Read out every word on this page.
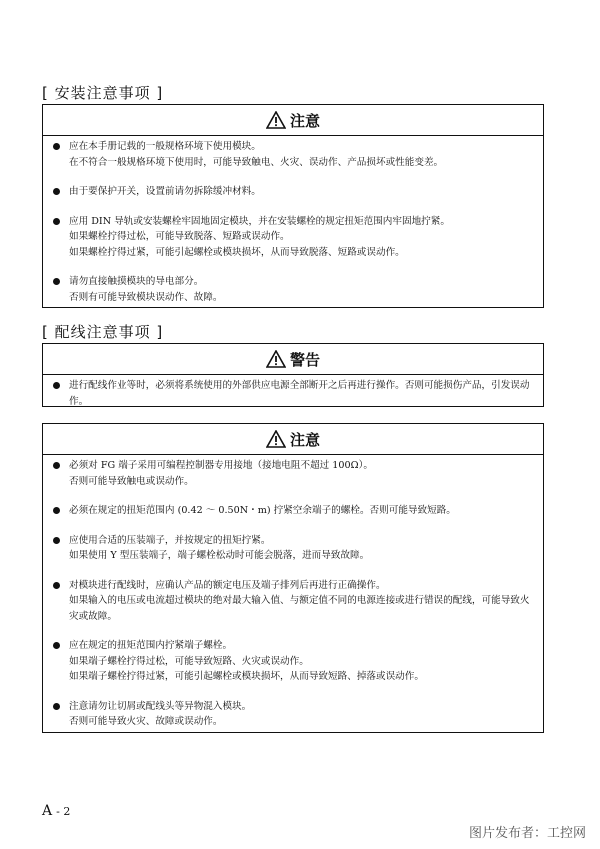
[ 安装注意事项 ]
注意
应在本手册记载的一般规格环境下使用模块。
在不符合一般规格环境下使用时，可能导致触电、火灾、误动作、产品损坏或性能变差。
由于要保护开关，设置前请勿拆除缓冲材料。
应用 DIN 导轨或安装螺栓牢固地固定模块，并在安装螺栓的规定扭矩范围内牢固地拧紧。
如果螺栓拧得过松，可能导致脱落、短路或误动作。
如果螺栓拧得过紧，可能引起螺栓或模块损坏，从而导致脱落、短路或误动作。
请勿直接触摸模块的导电部分。
否则有可能导致模块误动作、故障。
[ 配线注意事项 ]
警告
进行配线作业等时，必须将系统使用的外部供应电源全部断开之后再进行操作。否则可能损伤产品，引发误动作。
注意
必须对 FG 端子采用可编程控制器专用接地（接地电阻不超过 100Ω）。
否则可能导致触电或误动作。
必须在规定的扭矩范围内 (0.42 ～ 0.50N・m) 拧紧空余端子的螺栓。否则可能导致短路。
应使用合适的压装端子，并按规定的扭矩拧紧。
如果使用 Y 型压装端子，端子螺栓松动时可能会脱落，进而导致故障。
对模块进行配线时，应确认产品的额定电压及端子排列后再进行正确操作。
如果输入的电压或电流超过模块的绝对最大输入值、与额定值不同的电源连接或进行错误的配线，可能导致火灾或故障。
应在规定的扭矩范围内拧紧端子螺栓。
如果端子螺栓拧得过松，可能导致短路、火灾或误动作。
如果端子螺栓拧得过紧，可能引起螺栓或模块损坏，从而导致短路、掉落或误动作。
注意请勿让切屑或配线头等异物混入模块。
否则可能导致火灾、故障或误动作。
A - 2
图片发布者：工控网
